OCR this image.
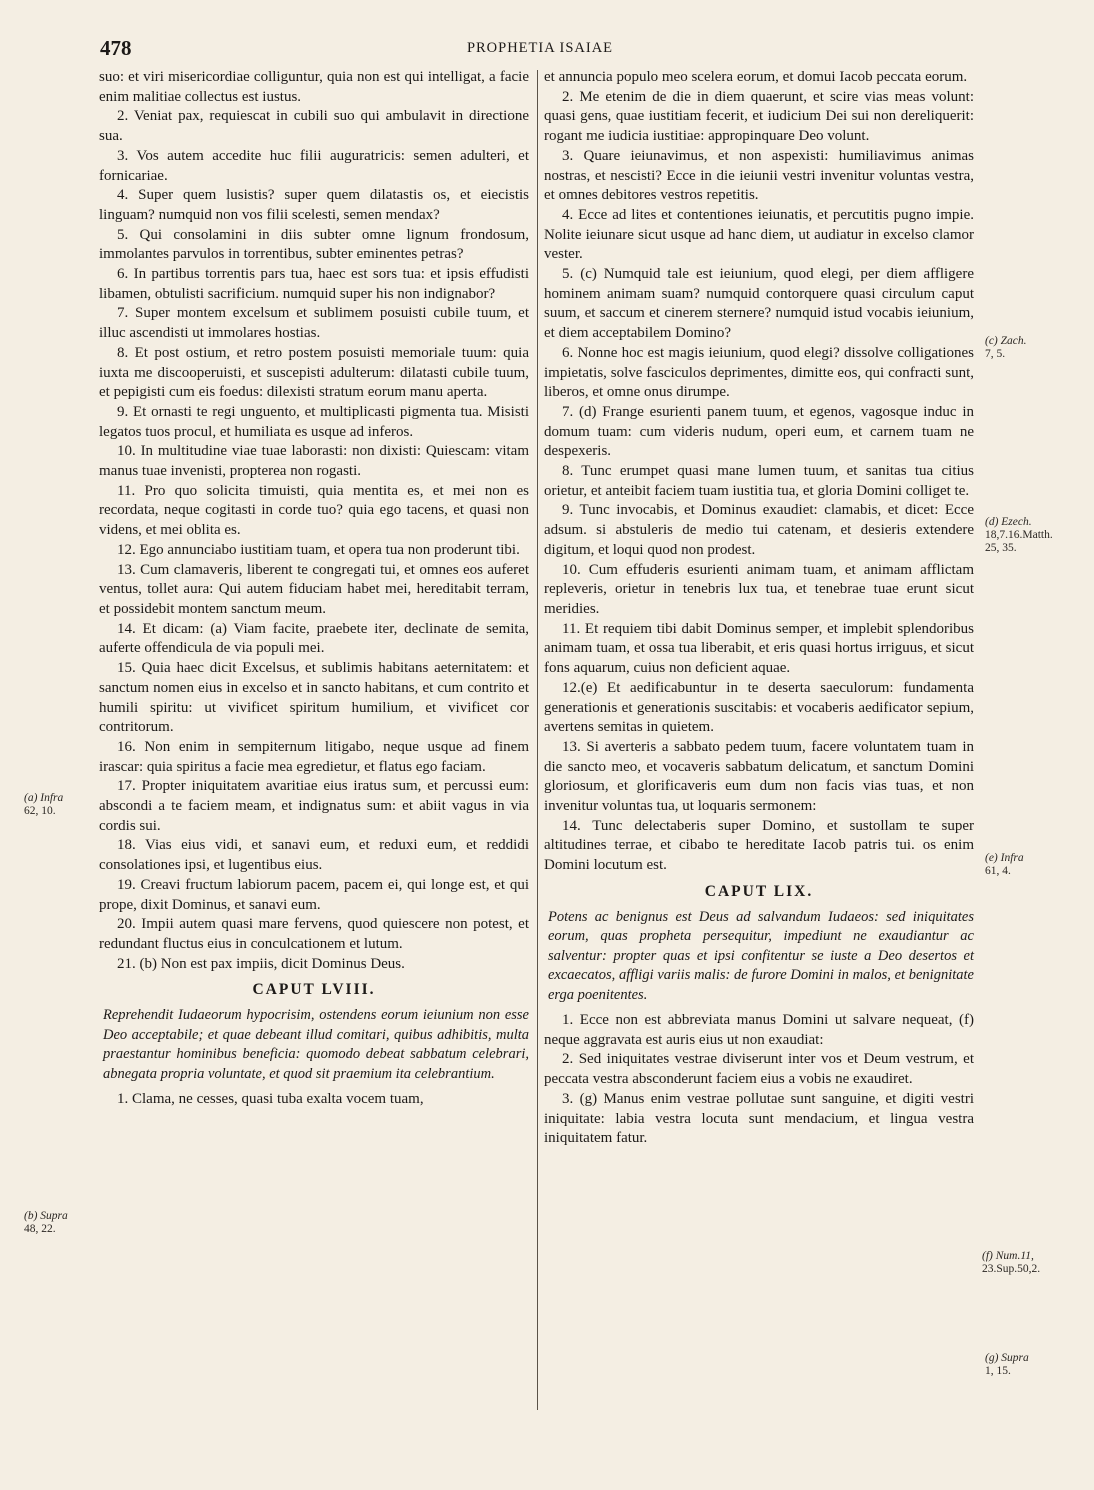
478	PROPHETIA ISAIAE

suo: et viri misericordiae colliguntur, quia non est qui intelligat, a facie enim malitiae collectus est iustus.

2. Veniat pax, requiescat in cubili suo qui ambulavit in directione sua.

3. Vos autem accedite huc filii auguratricis: semen adulteri, et fornicariae.

4. Super quem lusistis? super quem dilatastis os, et eiecistis linguam? numquid non vos filii scelesti, semen mendax?

5. Qui consolamini in diis subter omne lignum frondosum, immolantes parvulos in torrentibus, subter eminentes petras?

6. In partibus torrentis pars tua, haec est sors tua: et ipsis effudisti libamen, obtulisti sacrificium. numquid super his non indignabor?

7. Super montem excelsum et sublimem posuisti cubile tuum, et illuc ascendisti ut immolares hostias.

8. Et post ostium, et retro postem posuisti memoriale tuum: quia iuxta me discooperuisti, et suscepisti adulterum: dilatasti cubile tuum, et pepigisti cum eis foedus: dilexisti stratum eorum manu aperta.

9. Et ornasti te regi unguento, et multiplicasti pigmenta tua. Misisti legatos tuos procul, et humiliata es usque ad inferos.

10. In multitudine viae tuae laborasti: non dixisti: Quiescam: vitam manus tuae invenisti, propterea non rogasti.

11. Pro quo solicita timuisti, quia mentita es, et mei non es recordata, neque cogitasti in corde tuo? quia ego tacens, et quasi non videns, et mei oblita es.

12. Ego annunciabo iustitiam tuam, et opera tua non proderunt tibi.

13. Cum clamaveris, liberent te congregati tui, et omnes eos auferet ventus, tollet aura: Qui autem fiduciam habet mei, hereditabit terram, et possidebit montem sanctum meum.

14. Et dicam: (a) Viam facite, praebete iter, declinate de semita, auferte offendicula de via populi mei.

15. Quia haec dicit Excelsus, et sublimis habitans aeternitatem: et sanctum nomen eius in excelso et in sancto habitans, et cum contrito et humili spiritu: ut vivificet spiritum humilium, et vivificet cor contritorum.

16. Non enim in sempiternum litigabo, neque usque ad finem irascar: quia spiritus a facie mea egredietur, et flatus ego faciam.

17. Propter iniquitatem avaritiae eius iratus sum, et percussi eum: abscondi a te faciem meam, et indignatus sum: et abiit vagus in via cordis sui.

18. Vias eius vidi, et sanavi eum, et reduxi eum, et reddidi consolationes ipsi, et lugentibus eius.

19. Creavi fructum labiorum pacem, pacem ei, qui longe est, et qui prope, dixit Dominus, et sanavi eum.

20. Impii autem quasi mare fervens, quod quiescere non potest, et redundant fluctus eius in conculcationem et lutum.

21. (b) Non est pax impiis, dicit Dominus Deus.

CAPUT LVIII.

Reprehendit Iudaeorum hypocrisim, ostendens eorum ieiunium non esse Deo acceptabile; et quae debeant illud comitari, quibus adhibitis, multa praestantur hominibus beneficia: quomodo debeat sabbatum celebrari, abnegata propria voluntate, et quod sit praemium ita celebrantium.

1. Clama, ne cesses, quasi tuba exalta vocem tuam,

et annuncia populo meo scelera eorum, et domui Iacob peccata eorum.

2. Me etenim de die in diem quaerunt, et scire vias meas volunt: quasi gens, quae iustitiam fecerit, et iudicium Dei sui non dereliquerit: rogant me iudicia iustitiae: appropinquare Deo volunt.

3. Quare ieiunavimus, et non aspexisti: humiliavimus animas nostras, et nescisti? Ecce in die ieiunii vestri invenitur voluntas vestra, et omnes debitores vestros repetitis.

4. Ecce ad lites et contentiones ieiunatis, et percutitis pugno impie. Nolite ieiunare sicut usque ad hanc diem, ut audiatur in excelso clamor vester.

5. (c) Numquid tale est ieiunium, quod elegi, per diem affligere hominem animam suam? numquid contorquere quasi circulum caput suum, et saccum et cinerem sternere? numquid istud vocabis ieiunium, et diem acceptabilem Domino?

6. Nonne hoc est magis ieiunium, quod elegi? dissolve colligationes impietatis, solve fasciculos deprimentes, dimitte eos, qui confracti sunt, liberos, et omne onus dirumpe.

7. (d) Frange esurienti panem tuum, et egenos, vagosque induc in domum tuam: cum videris nudum, operi eum, et carnem tuam ne despexeris.

8. Tunc erumpet quasi mane lumen tuum, et sanitas tua citius orietur, et anteibit faciem tuam iustitia tua, et gloria Domini colliget te.

9. Tunc invocabis, et Dominus exaudiet: clamabis, et dicet: Ecce adsum. si abstuleris de medio tui catenam, et desieris extendere digitum, et loqui quod non prodest.

10. Cum effuderis esurienti animam tuam, et animam afflictam repleveris, orietur in tenebris lux tua, et tenebrae tuae erunt sicut meridies.

11. Et requiem tibi dabit Dominus semper, et implebit splendoribus animam tuam, et ossa tua liberabit, et eris quasi hortus irriguus, et sicut fons aquarum, cuius non deficient aquae.

12.(e) Et aedificabuntur in te deserta saeculorum: fundamenta generationis et generationis suscitabis: et vocaberis aedificator sepium, avertens semitas in quietem.

13. Si averteris a sabbato pedem tuum, facere voluntatem tuam in die sancto meo, et vocaveris sabbatum delicatum, et sanctum Domini gloriosum, et glorificaveris eum dum non facis vias tuas, et non invenitur voluntas tua, ut loquaris sermonem:

14. Tunc delectaberis super Domino, et sustollam te super altitudines terrae, et cibabo te hereditate Iacob patris tui. os enim Domini locutum est.

CAPUT LIX.

Potens ac benignus est Deus ad salvandum Iudaeos: sed iniquitates eorum, quas propheta persequitur, impediunt ne exaudiantur ac salventur: propter quas et ipsi confitentur se iuste a Deo desertos et excaecatos, affligi variis malis: de furore Domini in malos, et benignitate erga poenitentes.

1. Ecce non est abbreviata manus Domini ut salvare nequeat, (f) neque aggravata est auris eius ut non exaudiat:

2. Sed iniquitates vestrae diviserunt inter vos et Deum vestrum, et peccata vestra absconderunt faciem eius a vobis ne exaudiret.

3. (g) Manus enim vestrae pollutae sunt sanguine, et digiti vestri iniquitate: labia vestra locuta sunt mendacium, et lingua vestra iniquitatem fatur.

(a) Infra
62, 10.
(b) Supra
48, 22.
(c) Zach.
7, 5.
(d) Ezech.
18,7.16.Matth. 25, 35.
(e) Infra
61, 4.
(f) Num.11,
23.Sup.50,2.
(g) Supra
1, 15.
